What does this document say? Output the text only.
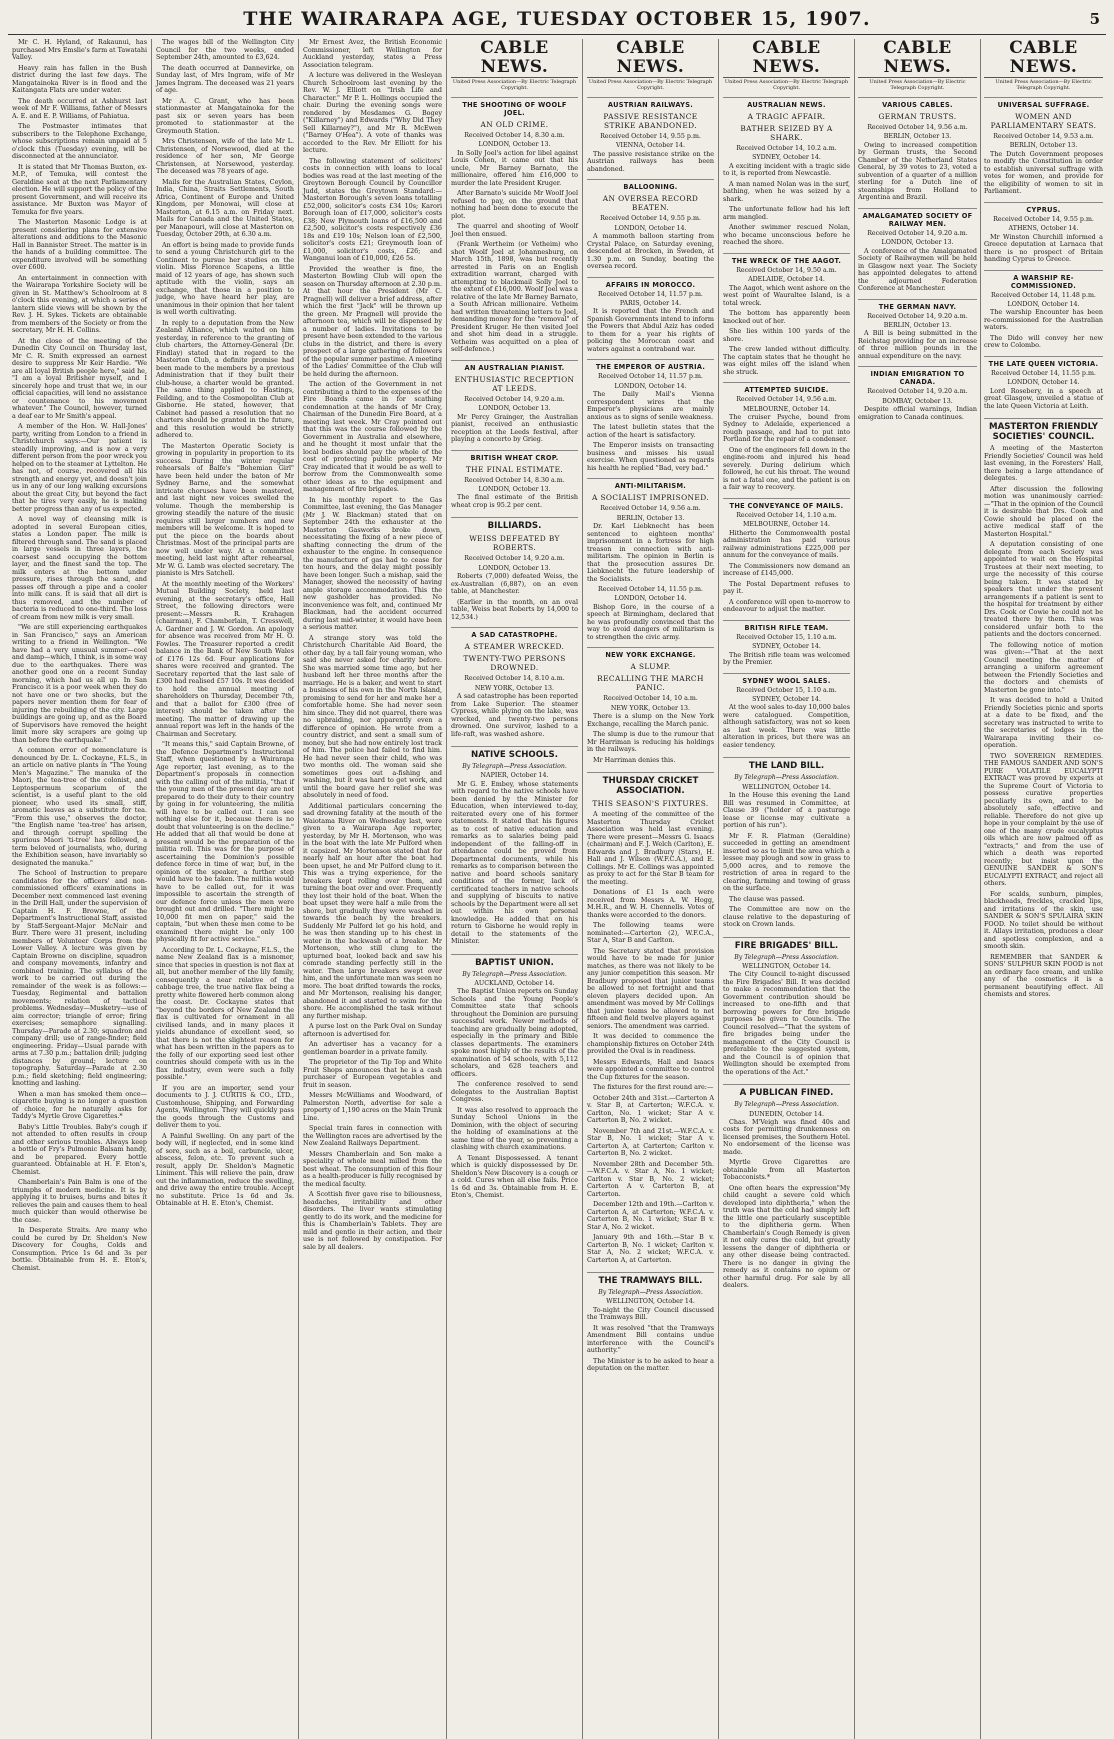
THE WAIRARAPA AGE, TUESDAY OCTOBER 15, 1907.	5

Mr C. H. Hyland, of Rakaunui, has purchased Mrs Emslie's farm at Tawatahi Valley.

Heavy rain has fallen in the Bush district during the last few days. The Mangatainoka River is in flood and the Kaitangata Flats are under water.

The death occurred at Ashhurst last week of Mr F. Williams, father of Messrs A. E. and E. P. Williams, of Pahiatua.

The Postmaster intimates that subscribers to the Telephone Exchange, whose subscriptions remain unpaid at 5 o'clock this (Tuesday) evening, will be disconnected at the annunciator.

It is stated that Mr Thomas Buxton, ex-M.P., of Temuka, will contest the Geraldine seat at the next Parliamentary election. He will support the policy of the present Government, and will receive its assistance. Mr Buxton was Mayor of Temuka for five years.

The Masterton Masonic Lodge is at present considering plans for extensive alterations and additions to the Masonic Hall in Bannister Street. The matter is in the hands of a building committee. The expenditure involved will be something over £600.

An entertainment in connection with the Wairarapa Yorkshire Society will be given in St. Matthew's Schoolroom at 8 o'clock this evening, at which a series of lantern slide views will be shown by the Rev. J. H. Sykes. Tickets are obtainable from members of the Society or from the secretary, Mr H. H. Collins.

At the close of the meeting of the Dunedin City Council on Thursday last, Mr C. R. Smith expressed an earnest desire to suppress Mr Keir Hardie. "We are all loyal British people here," said he, "I am a loyal Britisher myself, and I sincerely hope and trust that we, in our official capacities, will lend no assistance or countenance to his movement whatever." The Council, however, turned a deaf ear to Mr Smith's appeal.

A member of the Hon. W. Hall-Jones' party, writing from London to a friend in Christchurch says:—Our patient is steadily improving, and is now a very different person from the poor wreck you helped on to the steamer at Lyttelton. He has not, of course, recovered all his strength and energy yet, and doesn't join us in any of our long walking excursions about the great City, but beyond the fact that he tires very easily, he is making better progress than any of us expected.

A novel way of cleansing milk is adopted in several European cities, states a London paper. The milk is filtered through sand. The sand is placed in large vessels in three layers, the coarsest sand occupying the bottom layer, and the finest sand the top. The milk enters at the bottom under pressure, rises through the sand, and passes off through a pipe and a cooler into milk cans. It is said that all dirt is thus removed, and the number of bacteria is reduced to one-third. The loss of cream from new milk is very small.

"We are still experiencing earthquakes in San Francisco," says an American writing to a friend in Wellington. "We have had a very unusual summer—cool and damp—which, I think, is in some way due to the earthquakes. There was another good one on a recent Sunday morning, which had us all up. In San Francisco it is a poor week when they do not have one or two shocks, but the papers never mention them for fear of injuring the rebuilding of the city. Large buildings are going up, and as the Board of Supervisors have removed the height limit more sky scrapers are going up than before the earthquake."

A common error of nomenclature is denounced by Dr. L. Cockayne, F.L.S., in an article on native plants in "The Young Men's Magazine." The manuka of the Maori, the tea-tree of the colonist, and Leptospermum scoparium of the scientist, is a useful plant to the old pioneer, who used its small, stiff, aromatic leaves as a substitute for tea. "From this use," observes the doctor, "the English name 'tea-tree' has arisen, and through corrupt spelling the spurious Maori 'ti-tree' has followed, a term beloved of journalists, who, during the Exhibition season, have invariably so designated the manuka."

The School of Instruction to prepare candidates for the officers' and non-commissioned officers' examinations in December next commenced last evening in the Drill Hall, under the supervision of Captain H. F. Browne, of the Department's Instructional Staff, assisted by Staff-Sergeant-Major McNair and Burr. There were 31 present, including members of Volunteer Corps from the Lower Valley. A lecture was given by Captain Browne on discipline, squadron and company movements, infantry and combined training. The syllabus of the work to be carried out during the remainder of the week is as follows:—Tuesday, Regimental and battalion movements; relation of tactical problems. Wednesday—Musketry—use of aim corrector; triangle of error; firing exercises; semaphore signalling. Thursday—Parade at 2.30; squadron and company drill; use of range-finder; field engineering. Friday—Usual parade with arms at 7.30 p.m.; battalion drill; judging distances by ground; lecture on topography. Saturday—Parade at 2.30 p.m.; field sketching; field engineering; knotting and lashing.

When a man has smoked them once—cigarette buying is no longer a question of choice, for he naturally asks for Taddy's Myrtle Grove Cigarettes.*

Baby's Little Troubles. Baby's cough if not attended to often results in croup and other serious troubles. Always keep a bottle of Fry's Pulmonic Balsam handy, and be prepared. Every bottle guaranteed. Obtainable at H. F. Eton's, Chemist.

Chamberlain's Pain Balm is one of the triumphs of modern medicine. It is by applying it to bruises, burns and bites it relieves the pain and causes them to heal much quicker than would otherwise be the case.

In Desperate Straits. Are many who could be cured by Dr. Sheldon's New Discovery for Coughs, Colds and Consumption. Price 1s 6d and 3s per bottle. Obtainable from H. E. Eton's, Chemist.

The wages bill of the Wellington City Council for the two weeks, ended September 24th, amounted to £3,624.

The death occurred at Dannevirke, on Sunday last, of Mrs Ingram, wife of Mr James Ingram. The deceased was 21 years of age.

Mr A. C. Grant, who has been stationmaster at Mangatainoka for the past six or seven years has been promoted to stationmaster at the Greymouth Station.

Mrs Christensen, wife of the late Mr L. Christensen, of Norsewood, died at the residence of her son, Mr George Christensen, at Norsewood, yesterday. The deceased was 78 years of age.

Mails for the Australian States, Ceylon, India, China, Straits Settlements, South Africa, Continent of Europe and United Kingdom, per Monowai, will close at Masterton, at 6.15 a.m. on Friday next. Mails for Canada and the United States, per Manapouri, will close at Masterton on Tuesday, October 29th, at 6.30 a.m.

An effort is being made to provide funds to send a young Christchurch girl to the Continent to pursue her studies on the violin. Miss Florence Scapens, a little maid of 12 years of age, has shown such aptitude with the violin, says an exchange, that those in a position to judge, who have heard her play, are unanimous in their opinion that her talent is well worth cultivating.

In reply to a deputation from the New Zealand Alliance, which waited on him yesterday, in reference to the granting of club charters, the Attorney-General (Dr. Findlay) stated that in regard to the Masterton Club, a definite promise had been made to the members by a previous Administration that if they built their club-house, a charter would be granted. The same thing applied to Hastings, Feilding, and to the Cosmopolitan Club at Gisborne. He stated, however, that Cabinet had passed a resolution that no charters should be granted in the future, and this resolution would be strictly adhered to.

The Masterton Operatic Society is growing in popularity in proportion to its success. During the winter regular rehearsals of Balfe's "Bohemian Girl" have been held under the baton of Mr Sydney Barne, and the somewhat intricate choruses have been mastered, and last night new voices swelled the volume. Though the membership is growing steadily the nature of the music requires still larger numbers and new members will be welcome. It is hoped to put the piece on the boards about Christmas. Most of the principal parts are now well under way. At a committee meeting, held last night after rehearsal, Mr W. G. Lamb was elected secretary. The pianiste is Mrs Satchell.

At the monthly meeting of the Workers' Mutual Building Society, held last evening, at the secretary's office, Hall Street, the following directors were present:—Messrs R. Krahagen (chairman), F. Chamberlain, T. Cresswell, A. Gardner and J. W. Gordon. An apology for absence was received from Mr H. O. Fowles. The Treasurer reported a credit balance in the Bank of New South Wales of £176 12s 6d. Four applications for shares were received and granted. The Secretary reported that the last sale of £300 had realised £57 10s. It was decided to hold the annual meeting of shareholders on Thursday, December 7th, and that a ballot for £300 (free of interest) should be taken after the meeting. The matter of drawing up the annual report was left in the hands of the Chairman and Secretary.

"It means this," said Captain Browne, of the Defence Department's Instructional Staff, when questioned by a Wairarapa Age reporter, last evening, as to the Department's proposals in connection with the calling out of the militia, "that if the young men of the present day are not prepared to do their duty to their country by going in for volunteering, the militia will have to be called out. I can see nothing else for it, because there is no doubt that volunteering is on the decline." He added that all that would be done at present would be the preparation of the militia roll. This was for the purpose of ascertaining the Dominion's possible defence force in time of war, but, in the opinion of the speaker, a further step would have to be taken. The militia would have to be called out, for it was impossible to ascertain the strength of our defence force unless the men were brought out and drilled. "There might be 10,000 fit men on paper," said the captain, "but when these men come to be examined there might be only 100 physically fit for active service."

According to Dr. L. Cockayne, F.L.S., the name New Zealand flax is a misnomer, since that species in question is not flax at all, but another member of the lily family, consequently a near relative of the cabbage tree, the true native flax being a pretty white flowered herb common along the coast. Dr. Cockayne states that "beyond the borders of New Zealand the flax is cultivated for ornament in all civilised lands, and in many places it yields abundance of excellent seed, so that there is not the slightest reason for what has been written in the papers as to the folly of our exporting seed lest other countries should compete with us in the flax industry, even were such a folly possible."

If you are an importer, send your documents to J. J. CURTIS & CO., LTD., Customhouse, Shipping, and Forwarding Agents, Wellington. They will quickly pass the goods through the Customs and deliver them to you.

A Painful Swelling. On any part of the body will, if neglected, end in some kind of sore, such as a boil, carbuncle, ulcer, abscess, felon, etc. To prevent such a result, apply Dr. Sheldon's Magnetic Liniment. This will relieve the pain, draw out the inflammation, reduce the swelling, and drive away the entire trouble. Accept no substitute. Price 1s 6d and 3s. Obtainable at H. E. Eton's, Chemist.

Mr Ernest Avez, the British Economic Commissioner, left Wellington for Auckland yesterday, states a Press Association telegram.

A lecture was delivered in the Wesleyan Church Schoolroom last evening by the Rev. W. J. Elliott on "Irish Life and Character." Mr P. L. Hollings occupied the chair. During the evening songs were rendered by Mesdames G. Bogey ("Killarney") and Edwards ("Why Did They Sell Killarney?"), and Mr R. McEwen ("Barney O'Hea"). A vote of thanks was accorded to the Rev. Mr Elliott for his lecture.

The following statement of solicitors' costs in connection with loans to local bodies was read at the last meeting of the Greytown Borough Council by Councillor Judd, states the Greytown Standard:—Masterton Borough's seven loans totalling £52,000, solicitor's costs £34 10s; Karori Borough loan of £17,000, solicitor's costs £38; New Plymouth loans of £16,500 and £2,500, solicitor's costs respectively £36 18s and £19 10s; Nelson loan of £2,500, solicitor's costs £21; Greymouth loan of £1,000, solicitor's costs, £26; and Wanganui loan of £10,000, £26 5s.

Provided the weather is fine, the Masterton Bowling Club will open the season on Thursday afternoon at 2.30 p.m. At that hour the President (Mr C. Pragnell) will deliver a brief address, after which the first "Jack" will be thrown up the green. Mr Pragnell will provide the afternoon tea, which will be dispensed by a number of ladies. Invitations to be present have been extended to the various clubs in the district, and there is every prospect of a large gathering of followers of the popular summer pastime. A meeting of the Ladies' Committee of the Club will be held during the afternoon.

The action of the Government in not contributing a third to the expenses of the Fire Boards came in for scathing condemnation at the hands of Mr Cray, Chairman of the Dunedin Fire Board, at a meeting last week. Mr Cray pointed out that this was the course followed by the Government in Australia and elsewhere, and he thought it most unfair that the local bodies should pay the whole of the cost of protecting public property. Mr Cray indicated that it would be as well to borrow from the Commonwealth some other ideas as to the equipment and management of fire brigades.

In his monthly report to the Gas Committee, last evening, the Gas Manager (Mr J. W. Blackman) stated that on September 24th the exhauster at the Masterton Gasworks broke down, necessitating the fixing of a new piece of shafting connecting the drum of the exhauster to the engine. In consequence the manufacture of gas had to cease for ten hours, and the delay might possibly have been longer. Such a mishap, said the Manager, showed the necessity of having ample storage accommodation. This the new gasholder has provided. No inconvenience was felt, and, continued Mr Blackman, had the accident occurred during last mid-winter, it would have been a serious matter.

A strange story was told the Christchurch Charitable Aid Board, the other day, by a tall fair young woman, who said she never asked for charity before. She was married some time ago, but her husband left her three months after the marriage. He is a baker, and went to start a business of his own in the North Island, promising to send for her and make her a comfortable home. She had never seen him since. They did not quarrel, there was no upbraiding, nor apparently even a difference of opinion. He wrote from a country district, and sent a small sum of money, but she had now entirely lost track of him. The police had failed to find him. He had never seen their child, who was two months old. The woman said she sometimes goes out a-fishing and washing, but it was hard to get work, and until the board gave her relief she was absolutely in need of food.

Additional particulars concerning the sad drowning fatality at the mouth of the Waiotama River on Wednesday last, were given to a Wairarapa Age reporter, yesterday, by Mr H. Mortenson, who was in the boat with the late Mr Pulford when it capsized. Mr Mortenson stated that for nearly half an hour after the boat had been upset, he and Mr Pulford clung to it. This was a trying experience, for the breakers kept rolling over them, and turning the boat over and over. Frequently they lost their hold of the boat. When the boat upset they were half a mile from the shore, but gradually they were washed in towards the beach by the breakers. Suddenly Mr Pulford let go his hold, and he was then standing up to his chest in water in the backwash of a breaker. Mr Mortenson, who still clung to the upturned boat, looked back and saw his comrade standing perfectly still in the water. Then large breakers swept over him, and the unfortunate man was seen no more. The boat drifted towards the rocks, and Mr Mortenson, realising his danger, abandoned it and started to swim for the shore. He accomplished the task without any further mishap.

A purse lost on the Park Oval on Sunday afternoon is advertised for.

An advertiser has a vacancy for a gentleman boarder in a private family.

The proprietor of the Tip Top and White Fruit Shops announces that he is a cash purchaser of European vegetables and fruit in season.

Messrs McWilliams and Woodward, of Palmerston North, advertise for sale a property of 1,190 acres on the Main Trunk Line.

Special train fares in connection with the Wellington races are advertised by the New Zealand Railways Department.

Messrs Chamberlain and Son make a speciality of whole meal milled from the best wheat. The consumption of this flour as a health-producer is fully recognised by the medical faculty.

A Scottish fiver gave rise to biliousness, headaches, irritability and other disorders. The liver wants stimulating gently to do its work, and the medicine for this is Chamberlain's Tablets. They are mild and gentle in their action, and their use is not followed by constipation. For sale by all dealers.

CABLE NEWS.
United Press Association—By Electric Telegraph Copyright.
THE SHOOTING OF WOOLF JOEL.
AN OLD CRIME.
Received October 14, 8.30 a.m.
LONDON, October 13.

In Solly Joel's action for libel against Louis Cohen, it came out that his uncle, Mr Barney Barnato, the millionaire, offered him £16,000 to murder the late President Kruger.

After Barnato's suicide Mr Woolf Joel refused to pay, on the ground that nothing had been done to execute the plot.

The quarrel and shooting of Woolf Joel then ensued.

(Frank Wertheim (or Vetheim) who shot Woolf Joel at Johannesburg, on March 15th, 1898, was but recently arrested in Paris on an English extradition warrant, charged with attempting to blackmail Solly Joel to the extent of £16,000. Woolf Joel was a relative of the late Mr Barney Barnato, a South African millionaire. Vetheim had written threatening letters to Joel, demanding money for the "removal" of President Kruger. He then visited Joel and shot him dead in a struggle. Vetheim was acquitted on a plea of self-defence.)

AN AUSTRALIAN PIANIST.
ENTHUSIASTIC RECEPTION AT LEEDS.
Received October 14, 9.20 a.m.
LONDON, October 13.

Mr Percy Grainger, the Australian pianist, received an enthusiastic reception at the Leeds festival, after playing a concerto by Grieg.

BRITISH WHEAT CROP.
THE FINAL ESTIMATE.
Received October 14, 8.30 a.m.
LONDON, October 13.

The final estimate of the British wheat crop is 95.2 per cent.

BILLIARDS.
WEISS DEFEATED BY ROBERTS.
Received October 14, 9.20 a.m.
LONDON, October 13.

Roberts (7,000) defeated Weiss, the ex-Australian (6,887), on an even table, at Manchester.

(Earlier in the month, on an oval table, Weiss beat Roberts by 14,000 to 12,534.)

A SAD CATASTROPHE.
A STEAMER WRECKED.
TWENTY-TWO PERSONS DROWNED.
Received October 14, 8.10 a.m.
NEW YORK, October 13.

A sad catastrophe has been reported from Lake Superior. The steamer Cypress, while plying on the lake, was wrecked, and twenty-two persons drowned. One survivor, lashed to a life-raft, was washed ashore.

NATIVE SCHOOLS.
By Telegraph—Press Association.
NAPIER, October 14.

Mr G. E. Embey, whose statements with regard to the native schools have been denied by the Minister for Education, when interviewed to-day, reiterated every one of his former statements. It stated that his figures as to cost of native education and remarks as to salaries being paid independent of the falling-off in attendance could be proved from Departmental documents, while his remarks as to comparison between the native and board schools sanitary conditions of the former, lack of certificated teachers in native schools and supplying of biscuits to native schools by the Department were all set out within his own personal knowledge. He added that on his return to Gisborne he would reply in detail to the statements of the Minister.

BAPTIST UNION.
By Telegraph—Press Association.
AUCKLAND, October 14.

The Baptist Union reports on Sunday Schools and the Young People's Committee state that schools throughout the Dominion are pursuing successful work. Newer methods of teaching are gradually being adopted, especially in the primary and Bible classes departments. The examiners spoke most highly of the results of the examination of 54 schools, with 5,112 scholars, and 628 teachers and officers.

The conference resolved to send delegates to the Australian Baptist Congress.

It was also resolved to approach the Sunday School Unions in the Dominion, with the object of securing the holding of examinations at the same time of the year, so preventing a clashing with church examinations.

A Tenant Dispossessed. A tenant which is quickly dispossessed by Dr. Sheldon's New Discovery is a cough or a cold. Cures when all else fails. Price 1s 6d and 3s. Obtainable from H. E. Eton's, Chemist.

CABLE NEWS.
United Press Association—By Electric Telegraph Copyright.
AUSTRIAN RAILWAYS.
PASSIVE RESISTANCE STRIKE ABANDONED.
Received October 14, 9.55 p.m.
VIENNA, October 14.

The passive resistance strike on the Austrian railways has been abandoned.

BALLOONING.
AN OVERSEA RECORD BEATEN.
Received October 14, 9.55 p.m.
LONDON, October 14.

A mammoth balloon starting from Crystal Palace, on Saturday evening, descended at Brocken, in Sweden, at 1.30 p.m. on Sunday, beating the oversea record.

AFFAIRS IN MOROCCO.
Received October 14, 11.57 p.m.
PARIS, October 14.

It is reported that the French and Spanish Governments intend to inform the Powers that Abdul Aziz has ceded to them for a year his rights of policing the Moroccan coast and waters against a contraband war.

THE EMPEROR OF AUSTRIA.
Received October 14, 11.57 p.m.
LONDON, October 14.

The Daily Mail's Vienna correspondent wires that the Emperor's physicians are mainly anxious as to signs of senile weakness.

The latest bulletin states that the action of the heart is satisfactory.

The Emperor insists on transacting business and misses his usual exercise. When questioned as regards his health he replied "Bad, very bad."

ANTI-MILITARISM.
A SOCIALIST IMPRISONED.
Received October 14, 9.56 a.m.
BERLIN, October 13.

Dr. Karl Liebknecht has been sentenced to eighteen months' imprisonment in a fortress for high treason in connection with anti-militarism. The opinion in Berlin is that the prosecution assures Dr. Liebknecht the future leadership of the Socialists.

Received October 14, 11.55 p.m.
LONDON, October 14.

Bishop Gore, in the course of a speech at Birmingham, declared that he was profoundly convinced that the way to avoid dangers of militarism is to strengthen the civic army.

NEW YORK EXCHANGE.
A SLUMP.
RECALLING THE MARCH PANIC.
Received October 14, 10 a.m.
NEW YORK, October 13.

There is a slump on the New York Exchange, recalling the March panic.

The slump is due to the rumour that Mr Harriman is reducing his holdings in the railways.

Mr Harriman denies this.

THURSDAY CRICKET ASSOCIATION.
THIS SEASON'S FIXTURES.

A meeting of the committee of the Masterton Thursday Cricket Association was held last evening. There were present—Messrs G. Isaacs (chairman) and F. J. Welch (Carlton), E. Edwards and J. Bradbury (Stars), H. Hall and J. Wilson (W.F.C.A.), and E. Collings. Mr E. Collings was appointed as proxy to act for the Star B team for the meeting.

Donations of £1 1s each were received from Messrs A. W. Hogg, M.H.R., and W. H. Chennells. Votes of thanks were accorded to the donors.

The following teams were nominated:—Carterton (2), W.F.C.A., Star A, Star B and Carlton.

The Secretary stated that provision would have to be made for junior matches, as there was not likely to be any junior competition this season. Mr Bradbury proposed that junior teams be allowed to net fortnight and that eleven players decided upon. An amendment was moved by Mr Collings that junior teams be allowed to net fifteen and field twelve players against seniors. The amendment was carried.

It was decided to commence the championship fixtures on October 24th provided the Oval is in readiness.

Messrs Edwards, Hall and Isaacs were appointed a committee to control the Cup fixtures for the season.

The fixtures for the first round are:—

October 24th and 31st.—Carterton A v. Star B, at Carterton; W.F.C.A. v. Carlton, No. 1 wicket; Star A v. Carterton B, No. 2 wicket.

November 7th and 21st.—W.F.C.A. v. Star B, No. 1 wicket; Star A v. Carterton A, at Carterton; Carlton v. Carterton B, No. 2 wicket.

November 28th and December 5th.—W.F.C.A. v. Star A, No. 1 wicket; Carlton v. Star B, No. 2 wicket; Carterton A v. Carterton B, at Carterton.

December 12th and 19th.—Carlton v. Carterton A, at Carterton; W.F.C.A. v. Carterton B, No. 1 wicket; Star B v. Star A, No. 2 wicket.

January 9th and 16th.—Star B v. Carterton B, No. 1 wicket; Carlton v. Star A, No. 2 wicket; W.F.C.A. v. Carterton A, at Carterton.

THE TRAMWAYS BILL.
By Telegraph—Press Association.
WELLINGTON, October 14.

To-night the City Council discussed the Tramways Bill.

It was resolved "that the Tramways Amendment Bill contains undue interference with the Council's authority."

The Minister is to be asked to hear a deputation on the matter.

CABLE NEWS.
United Press Association—By Electric Telegraph Copyright.
AUSTRALIAN NEWS.
A TRAGIC AFFAIR.
BATHER SEIZED BY A SHARK.
Received October 14, 10.2 a.m.
SYDNEY, October 14.

A exciting incident with a tragic side to it, is reported from Newcastle.

A man named Nolan was in the surf, bathing, when he was seized by a shark.

The unfortunate fellow had his left arm mangled.

Another swimmer rescued Nolan, who became unconscious before he reached the shore.

THE WRECK OF THE AAGOT.
Received October 14, 9.50 a.m.
ADELAIDE, October 14.

The Aagot, which went ashore on the west point of Wauraltee Island, is a total wreck.

The bottom has apparently been knocked out of her.

She lies within 100 yards of the shore.

The crew landed without difficulty. The captain states that he thought he was eight miles off the island when she struck.

ATTEMPTED SUICIDE.
Received October 14, 9.56 a.m.
MELBOURNE, October 14.

The cruiser Psyche, bound from Sydney to Adelaide, experienced a rough passage, and had to put into Portland for the repair of a condenser.

One of the engineers fell down in the engine-room and injured his head severely. During delirium which followed, he cut his throat. The wound is not a fatal one, and the patient is on a fair way to recovery.

THE CONVEYANCE OF MAILS.
Received October 14, 1.10 a.m.
MELBOURNE, October 14.

Hitherto the Commonwealth postal administration has paid various railway administrations £225,000 per annum for the conveyance of mails.

The Commissioners now demand an increase of £145,000.

The Postal Department refuses to pay it.

A conference will open to-morrow to endeavour to adjust the matter.

BRITISH RIFLE TEAM.
Received October 15, 1.10 a.m.
SYDNEY, October 14.

The British rifle team was welcomed by the Premier.

SYDNEY WOOL SALES.
Received October 15, 1.10 a.m.
SYDNEY, October 14.

At the wool sales to-day 10,000 bales were catalogued. Competition, although satisfactory, was not so keen as last week. There was little alteration in prices, but there was an easier tendency.

THE LAND BILL.
By Telegraph—Press Association.
WELLINGTON, October 14.

In the House this evening the Land Bill was resumed in Committee, at Clause 39 ("holder of a pasturage lease or license may cultivate a portion of his run").

Mr F. R. Flatman (Geraldine) succeeded in getting an amendment inserted so as to limit the area which a lessee may plough and sow in grass to 5,000 acres, and to remove the restriction of area in regard to the clearing, farming and towing of grass on the surface.

The clause was passed.

The Committee are now on the clause relative to the depasturing of stock on Crown lands.

FIRE BRIGADES' BILL.
By Telegraph—Press Association.
WELLINGTON, October 14.

The City Council to-night discussed the Fire Brigades' Bill. It was decided to make a recommendation that the Government contribution should be increased to one-fifth and that borrowing powers for fire brigade purposes be given to Councils. The Council resolved—"That the system of fire brigades being under the management of the City Council is preferable to the suggested system, and the Council is of opinion that Wellington should be exempted from the operations of the Act."

A PUBLICAN FINED.
By Telegraph—Press Association.
DUNEDIN, October 14.

Chas. M'Veigh was fined 40s and costs for permitting drunkenness on licensed premises, the Southern Hotel. No endorsement of the license was made.

Myrtle Grove Cigarettes are obtainable from all Masterton Tobacconists.*

One often hears the expression"My child caught a severe cold which developed into diphtheria," when the truth was that the cold had simply left the little one particularly susceptible to the diphtheria germ. When Chamberlain's Cough Remedy is given it not only cures the cold, but greatly lessens the danger of diphtheria or any other disease being contracted. There is no danger in giving the remedy as it contains no opium or other harmful drug. For sale by all dealers.

CABLE NEWS.
United Press Association—By Electric Telegraph Copyright.
VARIOUS CABLES.
GERMAN TRUSTS.
Received October 14, 9.56 a.m.
BERLIN, October 13.

Owing to increased competition by German trusts, the Second Chamber of the Netherland States General, by 39 votes to 23, voted a subvention of a quarter of a million sterling for a Dutch line of steamships from Holland to Argentina and Brazil.

AMALGAMATED SOCIETY OF RAILWAY MEN.
Received October 14, 9.20 a.m.
LONDON, October 13.

A conference of the Amalgamated Society of Railwaymen will be held in Glasgow next year. The Society has appointed delegates to attend the adjourned Federation Conference at Manchester.

THE GERMAN NAVY.
Received October 14, 9.20 a.m.
BERLIN, October 13.

A Bill is being submitted in the Reichstag providing for an increase of three million pounds in the annual expenditure on the navy.

INDIAN EMIGRATION TO CANADA.
Received October 14, 9.20 a.m.
BOMBAY, October 13.

Despite official warnings, Indian emigration to Canada continues.

CABLE NEWS.
United Press Association—By Electric Telegraph Copyright.
UNIVERSAL SUFFRAGE.
WOMEN AND PARLIAMENTARY SEATS.
Received October 14, 9.53 a.m.
BERLIN, October 13.

The Dutch Government proposes to modify the Constitution in order to establish universal suffrage with votes for women, and provide for the eligibility of women to sit in Parliament.

CYPRUS.
Received October 14, 9.55 p.m.
ATHENS, October 14.

Mr Winston Churchill informed a Greece deputation at Larnaca that there is no prospect of Britain handing Cyprus to Greece.

A WARSHIP RE-COMMISSIONED.
Received October 14, 11.48 p.m.
LONDON, October 14.

The warship Encounter has been re-commissioned for the Australian waters.

The Dido will convey her new crew to Colombo.

THE LATE QUEEN VICTORIA.
Received October 14, 11.55 p.m.
LONDON, October 14.

Lord Rosebery, in a speech at great Glasgow, unveiled a statue of the late Queen Victoria at Leith.

MASTERTON FRIENDLY SOCIETIES' COUNCIL.

A meeting of the Masterton Friendly Societies' Council was held last evening, in the Foresters' Hall, there being a large attendance of delegates.

After discussion the following motion was unanimously carried:—"That in the opinion of the Council it is desirable that Drs. Cook and Cowie should be placed on the active medical staff of the Masterton Hospital."

A deputation consisting of one delegate from each Society was appointed to wait on the Hospital Trustees at their next meeting, to urge the necessity of this course being taken. It was stated by speakers that under the present arrangements if a patient is sent to the hospital for treatment by either Drs. Cook or Cowie he could not be treated there by them. This was considered unfair both to the patients and the doctors concerned.

The following notice of motion was given:—"That at the next Council meeting the matter of arranging a uniform agreement between the Friendly Societies and the doctors and chemists of Masterton be gone into."

It was decided to hold a United Friendly Societies picnic and sports at a date to be fixed, and the secretary was instructed to write to the secretaries of lodges in the Wairarapa inviting their co-operation.

TWO SOVEREIGN REMEDIES. THE FAMOUS SANDER AND SON'S PURE VOLATILE EUCALYPTI EXTRACT was proved by experts at the Supreme Court of Victoria to possess curative properties peculiarly its own, and to be absolutely safe, effective and reliable. Therefore do not give up hope in your complaint by the use of one of the many crude eucalyptus oils which are now palmed off as "extracts," and from the use of which a death was reported recently; but insist upon the GENUINE SANDER & SON'S EUCALYPTI EXTRACT, and reject all others.

For scalds, sunburn, pimples, blackheads, freckles, cracked lips, and irritations of the skin, use SANDER & SON'S SPULAIRA SKIN FOOD. No toilet should be without it. Allays irritation, produces a clear and spotless complexion, and a smooth skin.

REMEMBER that SANDER & SONS' SULPHUR SKIN FOOD is not an ordinary face cream, and unlike any of the cosmetics it is a permanent beautifying effect. All chemists and stores.
